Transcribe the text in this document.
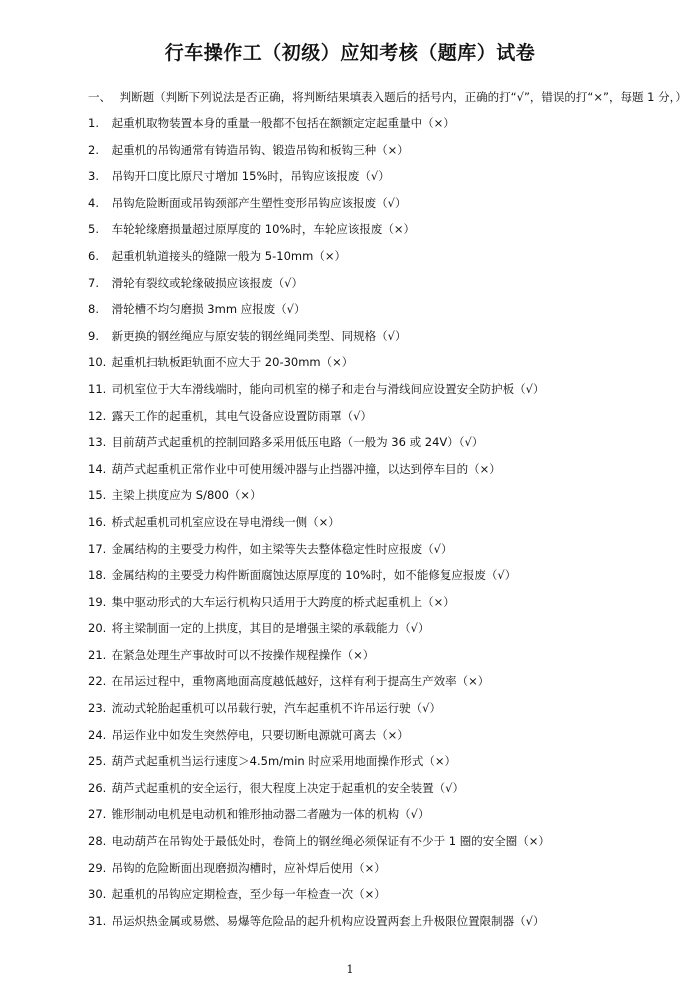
行车操作工（初级）应知考核（题库）试卷
一、 判断题（判断下列说法是否正确，将判断结果填表入题后的括号内，正确的打“√”，错误的打“×”，每题 1 分，）
1. 起重机取物装置本身的重量一般都不包括在额额定定起重量中（×）
2. 起重机的吊钩通常有铸造吊钩、锻造吊钩和板钩三种（×）
3. 吊钩开口度比原尺寸增加 15%时，吊钩应该报废（√）
4. 吊钩危险断面或吊钩颈部产生塑性变形吊钩应该报废（√）
5. 车轮轮缘磨损量超过原厚度的 10%时，车轮应该报废（×）
6. 起重机轨道接头的缝隙一般为 5-10mm（×）
7. 滑轮有裂纹或轮缘破损应该报废（√）
8. 滑轮槽不均匀磨损 3mm 应报废（√）
9. 新更换的钢丝绳应与原安装的钢丝绳同类型、同规格（√）
10. 起重机扫轨板距轨面不应大于 20-30mm（×）
11. 司机室位于大车滑线端时，能向司机室的梯子和走台与滑线间应设置安全防护板（√）
12. 露天工作的起重机，其电气设备应设置防雨罩（√）
13. 目前葫芦式起重机的控制回路多采用低压电路（一般为 36 或 24V）（√）
14. 葫芦式起重机正常作业中可使用缓冲器与止挡器冲撞，以达到停车目的（×）
15. 主梁上拱度应为 S/800（×）
16. 桥式起重机司机室应设在导电滑线一侧（×）
17. 金属结构的主要受力构件，如主梁等失去整体稳定性时应报废（√）
18. 金属结构的主要受力构件断面腐蚀达原厚度的 10%时，如不能修复应报废（√）
19. 集中驱动形式的大车运行机构只适用于大跨度的桥式起重机上（×）
20. 将主梁制面一定的上拱度，其目的是增强主梁的承载能力（√）
21. 在紧急处理生产事故时可以不按操作规程操作（×）
22. 在吊运过程中，重物离地面高度越低越好，这样有利于提高生产效率（×）
23. 流动式轮胎起重机可以吊载行驶，汽车起重机不许吊运行驶（√）
24. 吊运作业中如发生突然停电，只要切断电源就可离去（×）
25. 葫芦式起重机当运行速度＞4.5m/min 时应采用地面操作形式（×）
26. 葫芦式起重机的安全运行，很大程度上决定于起重机的安全装置（√）
27. 锥形制动电机是电动机和锥形抽动器二者融为一体的机构（√）
28. 电动葫芦在吊钩处于最低处时，卷筒上的钢丝绳必须保证有不少于 1 圈的安全圈（×）
29. 吊钩的危险断面出现磨损沟槽时，应补焊后使用（×）
30. 起重机的吊钩应定期检查，至少每一年检查一次（×）
31. 吊运炽热金属或易燃、易爆等危险品的起升机构应设置两套上升极限位置限制器（√）
1
